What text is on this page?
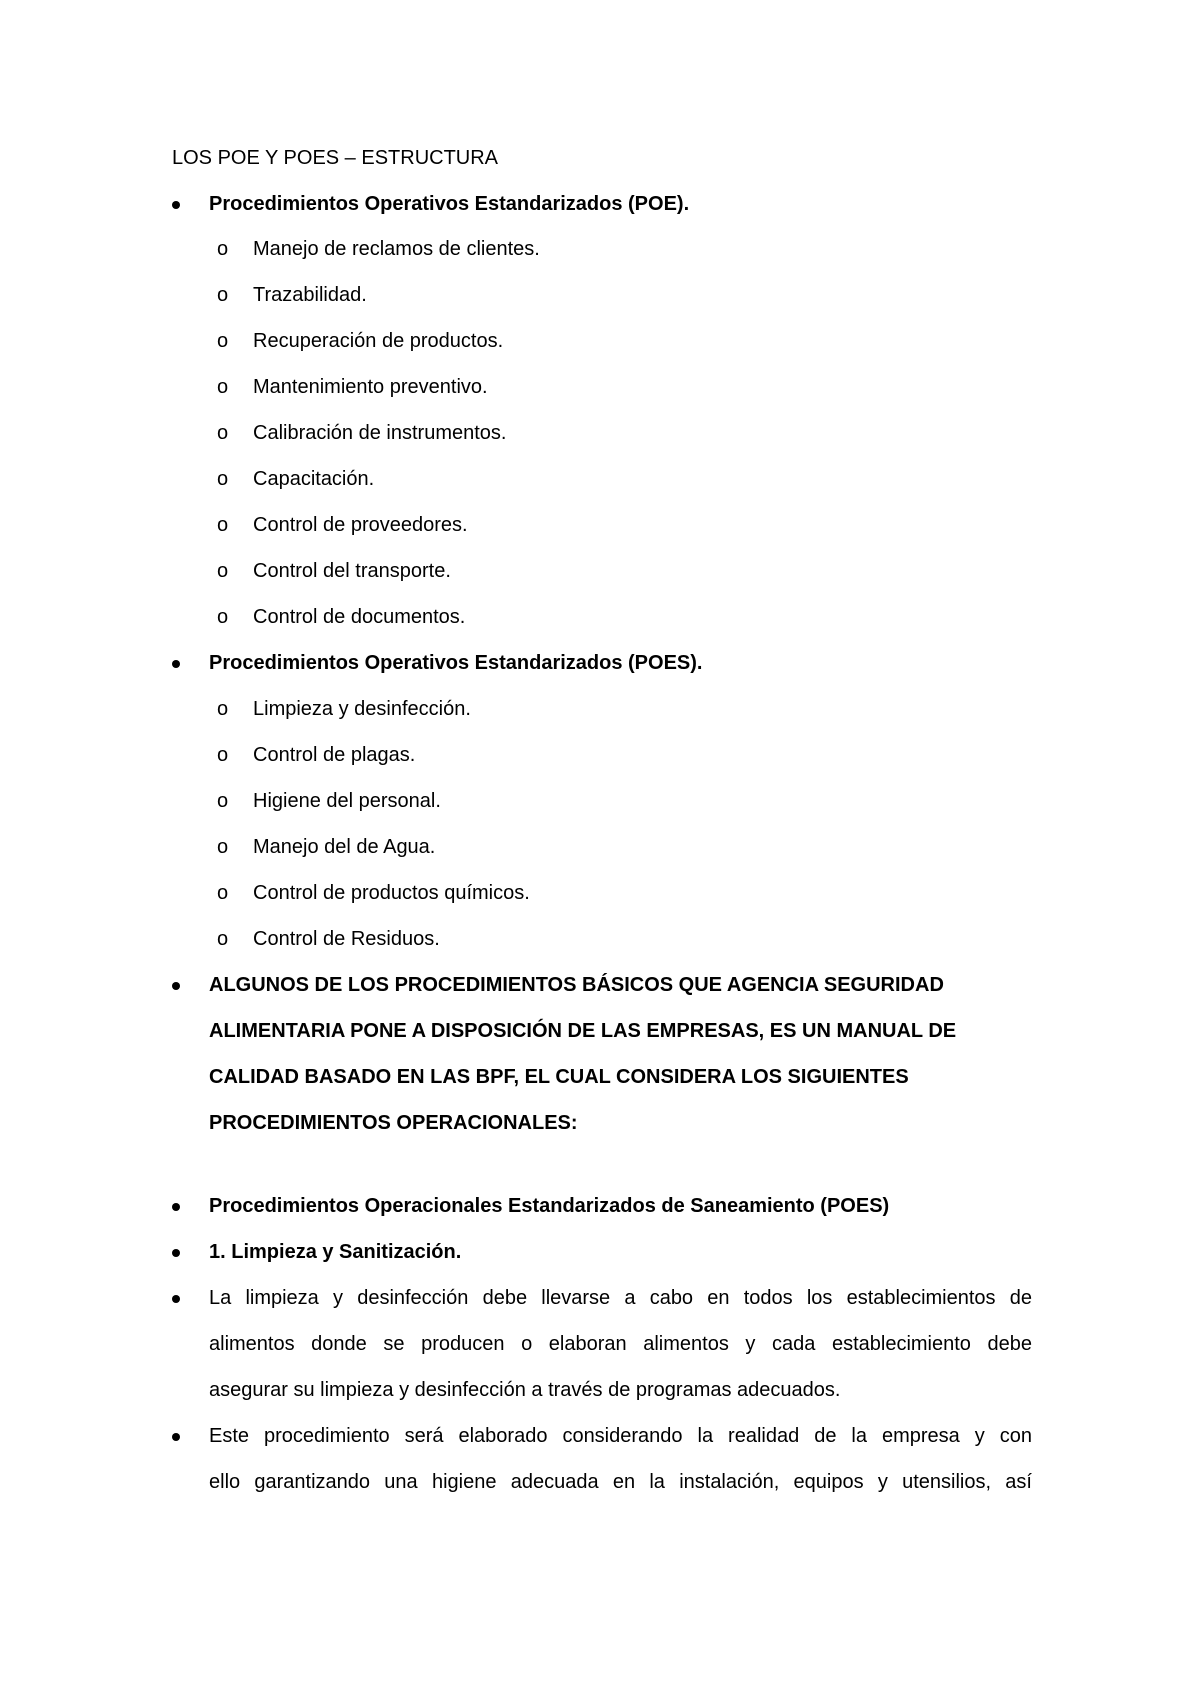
LOS POE Y POES – ESTRUCTURA
Procedimientos Operativos Estandarizados (POE).
o Manejo de reclamos de clientes.
o Trazabilidad.
o Recuperación de productos.
o Mantenimiento preventivo.
o Calibración de instrumentos.
o Capacitación.
o Control de proveedores.
o Control del transporte.
o Control de documentos.
Procedimientos Operativos Estandarizados (POES).
o Limpieza y desinfección.
o Control de plagas.
o Higiene del personal.
o Manejo del de Agua.
o Control de productos químicos.
o Control de Residuos.
ALGUNOS DE LOS PROCEDIMIENTOS BÁSICOS QUE AGENCIA SEGURIDAD
ALIMENTARIA PONE A DISPOSICIÓN DE LAS EMPRESAS, ES UN MANUAL DE
CALIDAD BASADO EN LAS BPF, EL CUAL CONSIDERA LOS SIGUIENTES
PROCEDIMIENTOS OPERACIONALES:
Procedimientos Operacionales Estandarizados de Saneamiento (POES)
1. Limpieza y Sanitización.
La limpieza y desinfección debe llevarse a cabo en todos los establecimientos de
alimentos donde se producen o elaboran alimentos y cada establecimiento debe
asegurar su limpieza y desinfección a través de programas adecuados.
Este procedimiento será elaborado considerando la realidad de la empresa y con
ello garantizando una higiene adecuada en la instalación, equipos y utensilios, así
